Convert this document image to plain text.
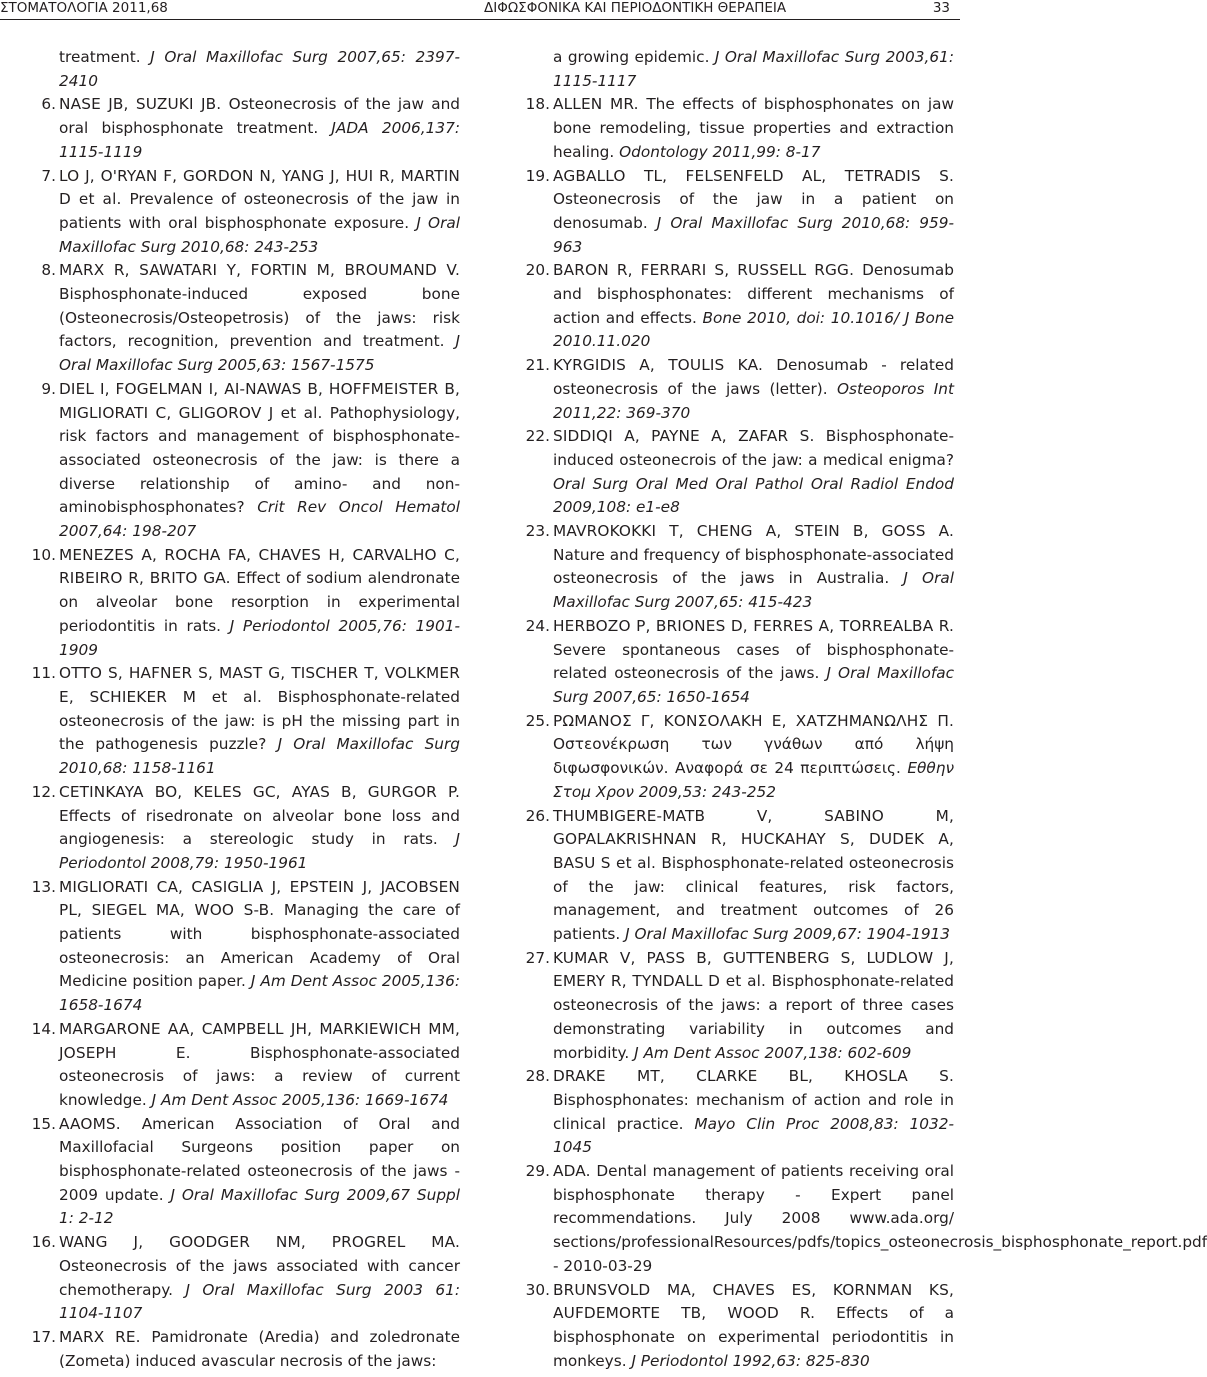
ΣΤΟΜΑΤΟΛΟΓΙΑ 2011,68	ΔΙΦΩΣΦΟΝΙΚΑ ΚΑΙ ΠΕΡΙΟΔΟΝΤΙΚΗ ΘΕΡΑΠΕΙΑ	33
treatment. J Oral Maxillofac Surg 2007,65: 2397-2410
6. NASE JB, SUZUKI JB. Osteonecrosis of the jaw and oral bisphosphonate treatment. JADA 2006,137: 1115-1119
7. LO J, O'RYAN F, GORDON N, YANG J, HUI R, MARTIN D et al. Prevalence of osteonecrosis of the jaw in patients with oral bisphosphonate exposure. J Oral Maxillofac Surg 2010,68: 243-253
8. MARX R, SAWATARI Y, FORTIN M, BROUMAND V. Bisphosphonate-induced exposed bone (Osteonecrosis/Osteopetrosis) of the jaws: risk factors, recognition, prevention and treatment. J Oral Maxillofac Surg 2005,63: 1567-1575
9. DIEL I, FOGELMAN I, AI-NAWAS B, HOFFMEISTER B, MIGLIORATI C, GLIGOROV J et al. Pathophysiology, risk factors and management of bisphosphonate-associated osteonecrosis of the jaw: is there a diverse relationship of amino- and non-aminobisphosphonates? Crit Rev Oncol Hematol 2007,64: 198-207
10. MENEZES A, ROCHA FA, CHAVES H, CARVALHO C, RIBEIRO R, BRITO GA. Effect of sodium alendronate on alveolar bone resorption in experimental periodontitis in rats. J Periodontol 2005,76: 1901-1909
11. OTTO S, HAFNER S, MAST G, TISCHER T, VOLKMER E, SCHIEKER M et al. Bisphosphonate-related osteonecrosis of the jaw: is pH the missing part in the pathogenesis puzzle? J Oral Maxillofac Surg 2010,68: 1158-1161
12. CETINKAYA BO, KELES GC, AYAS B, GURGOR P. Effects of risedronate on alveolar bone loss and angiogenesis: a stereologic study in rats. J Periodontol 2008,79: 1950-1961
13. MIGLIORATI CA, CASIGLIA J, EPSTEIN J, JACOBSEN PL, SIEGEL MA, WOO S-B. Managing the care of patients with bisphosphonate-associated osteonecrosis: an American Academy of Oral Medicine position paper. J Am Dent Assoc 2005,136: 1658-1674
14. MARGARONE AA, CAMPBELL JH, MARKIEWICH MM, JOSEPH E. Bisphosphonate-associated osteonecrosis of jaws: a review of current knowledge. J Am Dent Assoc 2005,136: 1669-1674
15. AAOMS. American Association of Oral and Maxillofacial Surgeons position paper on bisphosphonate-related osteonecrosis of the jaws - 2009 update. J Oral Maxillofac Surg 2009,67 Suppl 1: 2-12
16. WANG J, GOODGER NM, PROGREL MA. Osteonecrosis of the jaws associated with cancer chemotherapy. J Oral Maxillofac Surg 2003 61: 1104-1107
17. MARX RE. Pamidronate (Aredia) and zoledronate (Zometa) induced avascular necrosis of the jaws:
a growing epidemic. J Oral Maxillofac Surg 2003,61: 1115-1117
18. ALLEN MR. The effects of bisphosphonates on jaw bone remodeling, tissue properties and extraction healing. Odontology 2011,99: 8-17
19. AGBALLO TL, FELSENFELD AL, TETRADIS S. Osteonecrosis of the jaw in a patient on denosumab. J Oral Maxillofac Surg 2010,68: 959-963
20. BARON R, FERRARI S, RUSSELL RGG. Denosumab and bisphosphonates: different mechanisms of action and effects. Bone 2010, doi: 10.1016/ J Bone 2010.11.020
21. KYRGIDIS A, TOULIS KA. Denosumab - related osteonecrosis of the jaws (letter). Osteoporos Int 2011,22: 369-370
22. SIDDIQI A, PAYNE A, ZAFAR S. Bisphosphonate-induced osteonecrois of the jaw: a medical enigma? Oral Surg Oral Med Oral Pathol Oral Radiol Endod 2009,108: e1-e8
23. MAVROKOKKI T, CHENG A, STEIN B, GOSS A. Nature and frequency of bisphosphonate-associated osteonecrosis of the jaws in Australia. J Oral Maxillofac Surg 2007,65: 415-423
24. HERBOZO P, BRIONES D, FERRES A, TORREALBA R. Severe spontaneous cases of bisphosphonate-related osteonecrosis of the jaws. J Oral Maxillofac Surg 2007,65: 1650-1654
25. ΡΩΜΑΝΟΣ Γ, ΚΟΝΣΟΛΑΚΗ Ε, ΧΑΤΖΗΜΑΝΩΛΗΣ Π. Οστεονέκρωση των γνάθων από λήψη διφωσφονικών. Αναφορά σε 24 περιπτώσεις. Εθθην Στομ Χρον 2009,53: 243-252
26. THUMBIGERE-MATB V, SABINO M, GOPALAKRISHNAN R, HUCKAHAY S, DUDEK A, BASU S et al. Bisphosphonate-related osteonecrosis of the jaw: clinical features, risk factors, management, and treatment outcomes of 26 patients. J Oral Maxillofac Surg 2009,67: 1904-1913
27. KUMAR V, PASS B, GUTTENBERG S, LUDLOW J, EMERY R, TYNDALL D et al. Bisphosphonate-related osteonecrosis of the jaws: a report of three cases demonstrating variability in outcomes and morbidity. J Am Dent Assoc 2007,138: 602-609
28. DRAKE MT, CLARKE BL, KHOSLA S. Bisphosphonates: mechanism of action and role in clinical practice. Mayo Clin Proc 2008,83: 1032-1045
29. ADA. Dental management of patients receiving oral bisphosphonate therapy - Expert panel recommendations. July 2008 www.ada.org/ sections/professionalResources/pdfs/topics_osteonecrosis_bisphosphonate_report.pdf - 2010-03-29
30. BRUNSVOLD MA, CHAVES ES, KORNMAN KS, AUFDEMORTE TB, WOOD R. Effects of a bisphosphonate on experimental periodontitis in monkeys. J Periodontol 1992,63: 825-830
